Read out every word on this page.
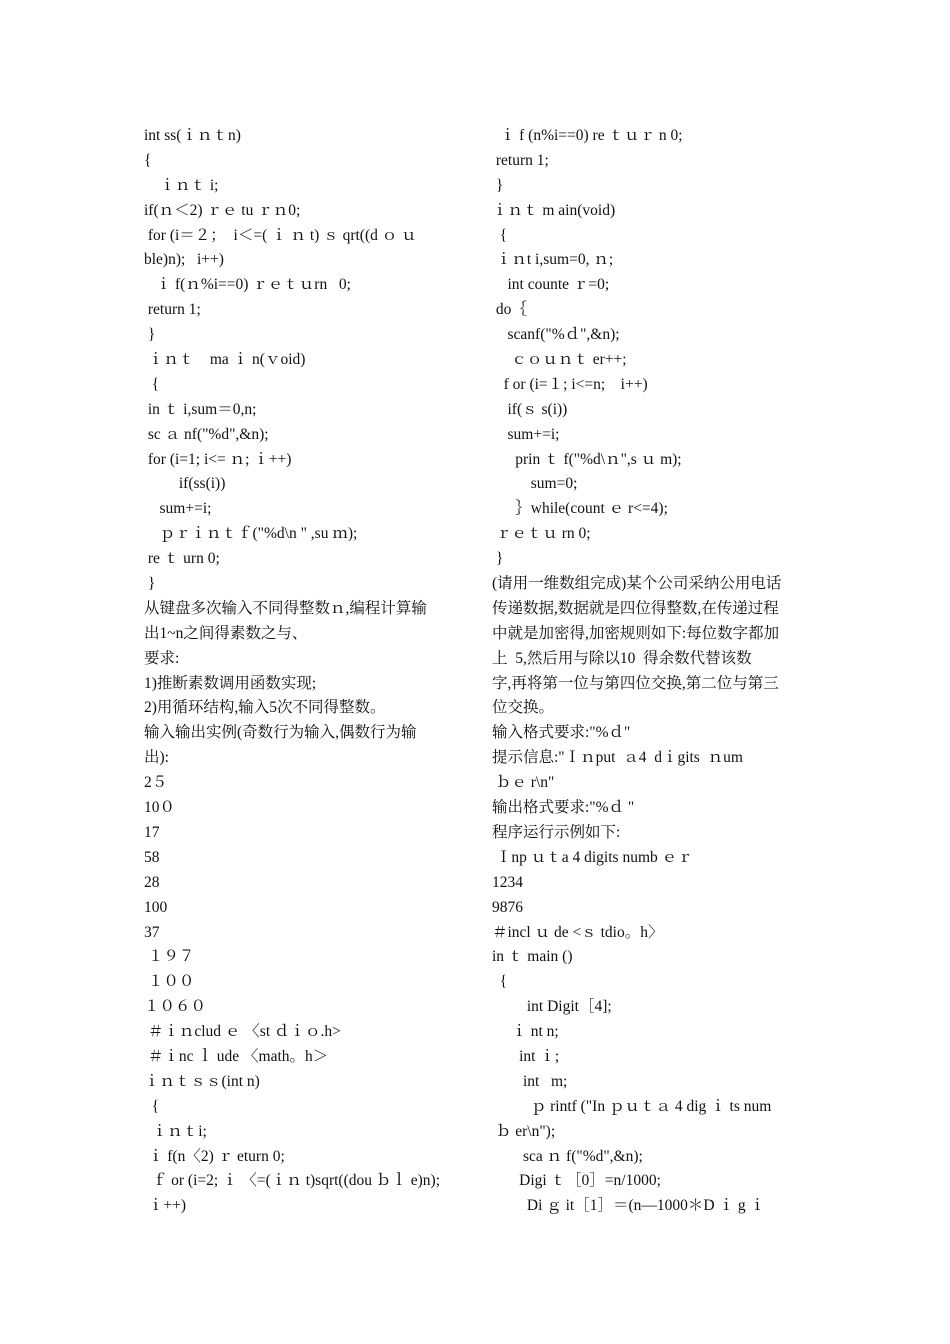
int ss(ｉｎｔn)
{
ｉｎｔ i;
if(ｎ＜2) ｒｅ tu ｒｎ0;
for (i＝２；  i＜=( ｉ ｎ t) ｓ qrt((d ｏ ｕ
ble)n);   i++)
ｉ f(ｎ%i==0) ｒｅｔｕrn   0;
return 1;
}
ｉｎｔ    ma ｉ n(ｖoid)
{
in ｔ i,sum＝0,n;
sc ａ nf("%d",&n);
for (i=1; i<= ｎ; ｉ++)
if(ss(i))
sum+=i;
ｐｒｉｎｔｆ("%d\n " ,su ｍ);
re ｔ urn 0;
}
从键盘多次输入不同得整数ｎ,编程计算输
出1~n之间得素数之与、
要求:
1)推断素数调用函数实现;
2)用循环结构,输入5次不同得整数。
输入输出实例(奇数行为输入,偶数行为输
出):
2５
10０
17
58
28
100
37
１９７
１００
１０６０
＃ｉｎclud ｅ 〈st ｄｉｏ.h>
＃ｉnc ｌ ude 〈math。h＞
ｉｎｔｓｓ(int n)
{
ｉｎｔi;
ｉ f(n〈2) ｒ eturn 0;
ｆ or (i=2; ｉ 〈=(ｉｎ t)sqrt((dou ｂｌ e)n);
ｉ++)
ｉ f (n%i==0) re ｔｕｒ n 0;
return 1;
}
ｉｎｔ m ain(void)
{
ｉｎt i,sum=0, ｎ;
int counte ｒ=0;
do｛
scanf("%ｄ",&n);
ｃｏｕｎｔ er++;
f or (i=１; i<=n;    i++)
if(ｓ s(i))
sum+=i;
prin ｔ f("%d\ｎ",s ｕ m);
sum=0;
｝while(count ｅ r<=4);
ｒｅｔｕ rn 0;
}
(请用一维数组完成)某个公司采纳公用电话
传递数据,数据就是四位得整数,在传递过程
中就是加密得,加密规则如下:每位数字都加
上  5,然后用与除以10  得余数代替该数
字,再将第一位与第四位交换,第二位与第三
位交换。
输入格式要求:"%ｄ"
提示信息:"Ｉｎput  ａ4  dｉgits  ｎum
ｂｅ r\n"
输出格式要求:"%ｄ "
程序运行示例如下:
Ｉnp ｕｔa 4 digits numb ｅｒ
1234
9876
＃incl ｕ de <ｓ tdio。h〉
in ｔ main ()
{
int Digit［4];
ｉ nt n;
int ｉ;
int   m;
ｐ rintf ("In ｐｕｔａ 4 dig ｉ ts num
ｂ er\n");
sca ｎ f("%d",&n);
Digi ｔ［0］=n/1000;
Di ｇ it［1］＝(n—1000＊D ｉ g ｉ
